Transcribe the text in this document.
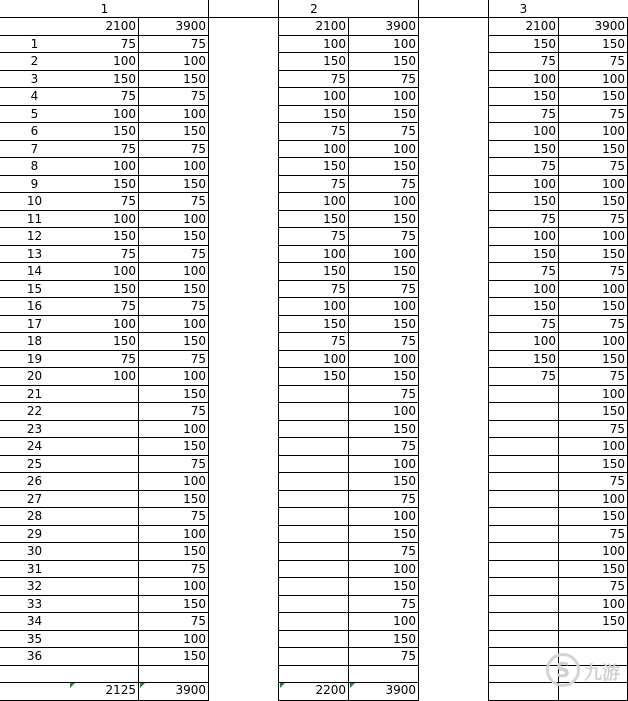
1	2	3
1
2
3
4
5
6
7
8
9
10
11
12
13
14
15
16
17
18
19
20
21
22
23
24
25
26
27
28
29
30
31
32
33
34
35
36
2100
75
100
150
75
100
150
75
100
150
75
100
150
75
100
150
75
100
150
75
100
2125
3900
75
100
150
75
100
150
75
100
150
75
100
150
75
100
150
75
100
150
75
100
150
75
100
150
75
100
150
75
100
150
75
100
150
75
100
150
3900
2100
100
150
75
100
150
75
100
150
75
100
150
75
100
150
75
100
150
75
100
150
2200
3900
100
150
75
100
150
75
100
150
75
100
150
75
100
150
75
100
150
75
100
150
75
100
150
75
100
150
75
100
150
75
100
150
75
100
150
75
3900
2100
150
75
100
150
75
100
150
75
100
150
75
100
150
75
100
150
75
100
150
75
3900
150
75
100
150
75
100
150
75
100
150
75
100
150
75
100
150
75
100
150
75
100
150
75
100
150
75
100
150
75
100
150
75
100
150
S 九游
